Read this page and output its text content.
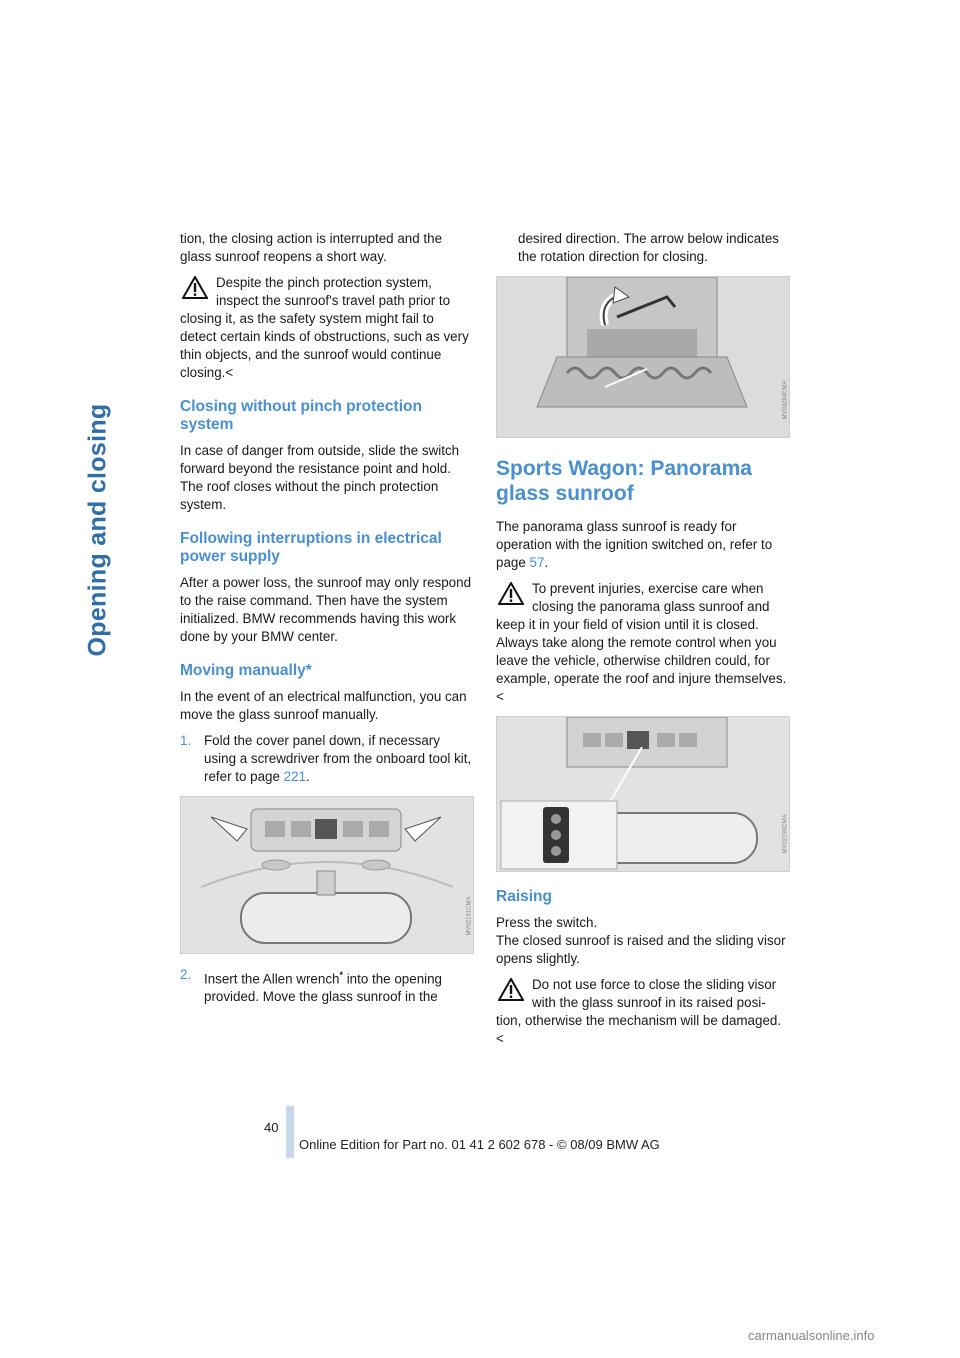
Opening and closing

tion, the closing action is interrupted and the glass sunroof reopens a short way.

Despite the pinch protection system, inspect the sunroof's travel path prior to
closing it, as the safety system might fail to detect certain kinds of obstructions, such as very thin objects, and the sunroof would continue closing.<
Closing without pinch protection system

In case of danger from outside, slide the switch forward beyond the resistance point and hold. The roof closes without the pinch protection system.

Following interruptions in electrical power supply

After a power loss, the sunroof may only respond to the raise command. Then have the system initialized. BMW recommends having this work done by your BMW center.

Moving manually*

In the event of an electrical malfunction, you can move the glass sunroof manually.

1. Fold the cover panel down, if necessary using a screwdriver from the onboard tool kit, refer to page 221.
MV02191CMA
2. Insert the Allen wrench* into the opening provided. Move the glass sunroof in the

desired direction. The arrow below indicates the rotation direction for closing.

MV03284CMA
Sports Wagon: Panorama glass sunroof

The panorama glass sunroof is ready for operation with the ignition switched on, refer to page 57.

To prevent injuries, exercise care when closing the panorama glass sunroof and
keep it in your field of vision until it is closed. Always take along the remote control when you leave the vehicle, otherwise children could, for example, operate the roof and injure themselves.<
MV02190CMA
Raising
Press the switch.

The closed sunroof is raised and the sliding visor opens slightly.

Do not use force to close the sliding visor with the glass sunroof in its raised posi-
tion, otherwise the mechanism will be damaged.<
40
Online Edition for Part no. 01 41 2 602 678 - © 08/09 BMW AG
carmanualsonline.info
